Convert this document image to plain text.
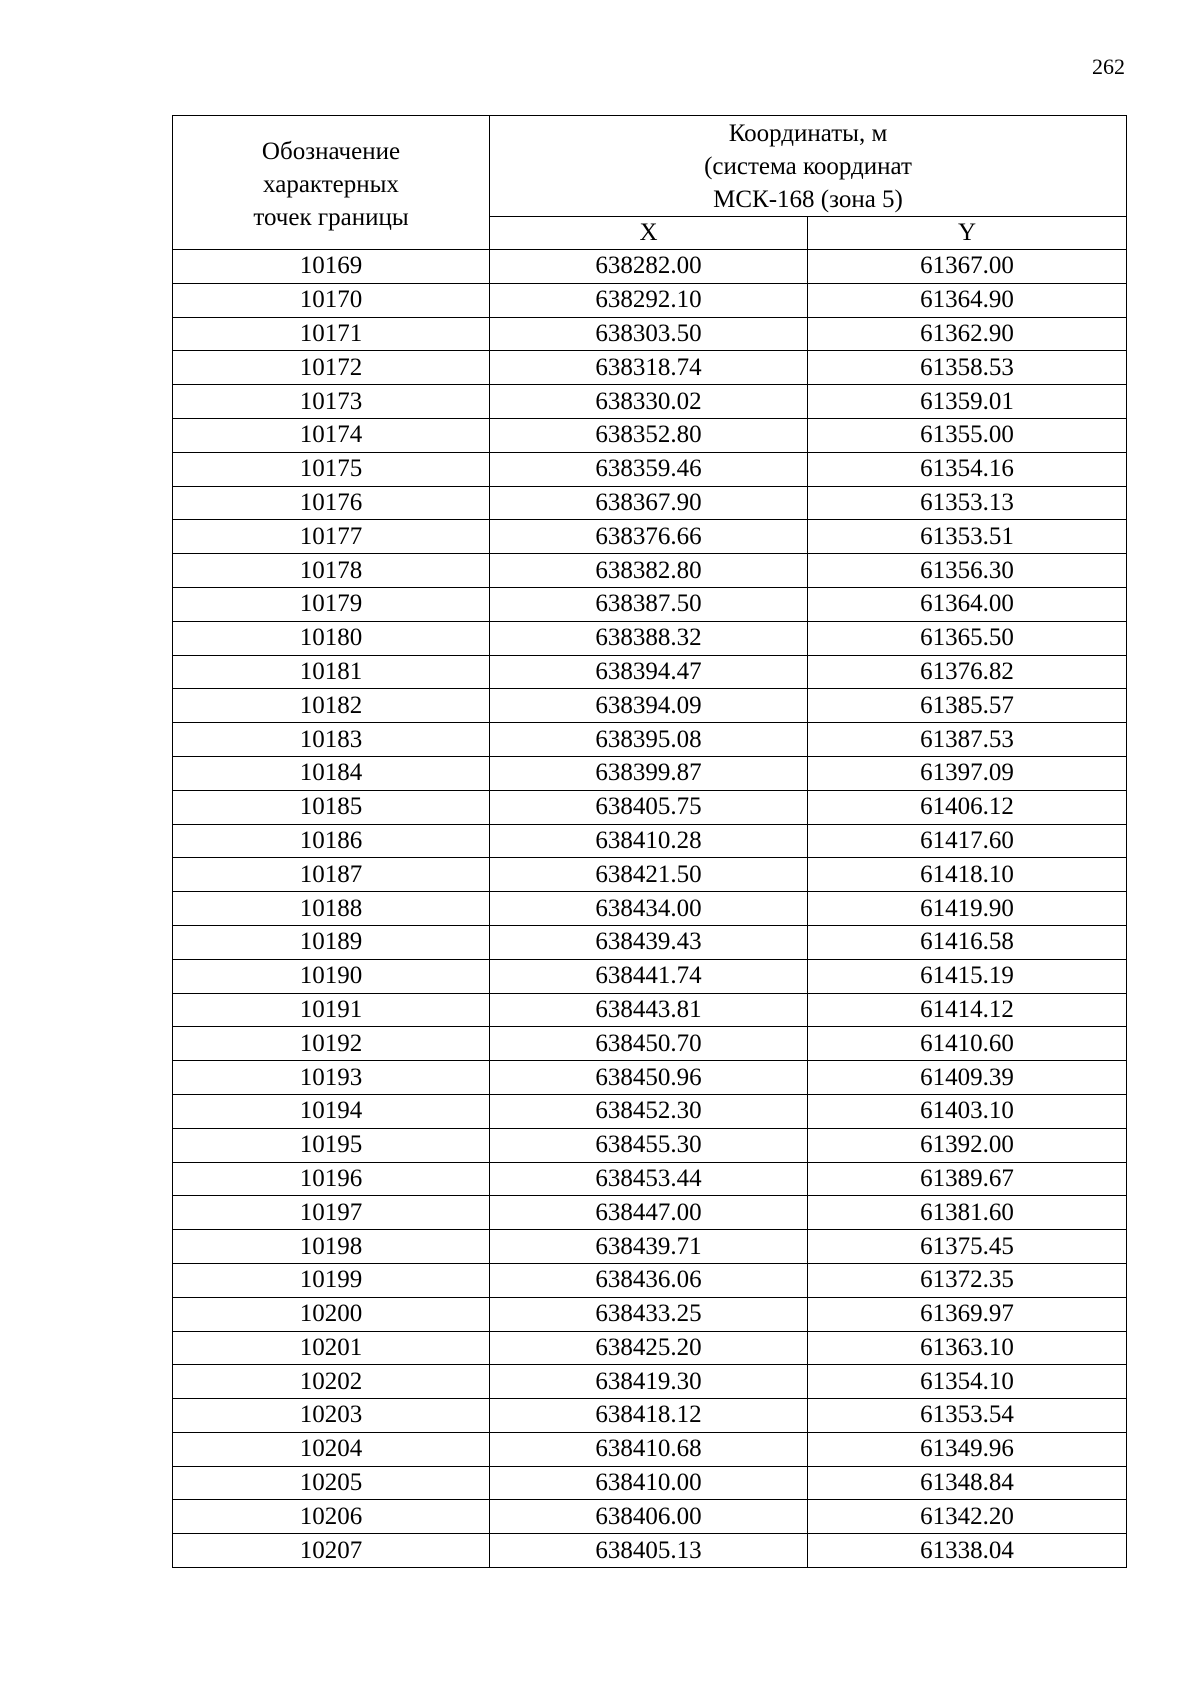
262
Обозначение
характерных
точек границы	Координаты, м
(система координат
МСК-168 (зона 5)	

	X	Y
10169	638282.00	61367.00
10170	638292.10	61364.90
10171	638303.50	61362.90
10172	638318.74	61358.53
10173	638330.02	61359.01
10174	638352.80	61355.00
10175	638359.46	61354.16
10176	638367.90	61353.13
10177	638376.66	61353.51
10178	638382.80	61356.30
10179	638387.50	61364.00
10180	638388.32	61365.50
10181	638394.47	61376.82
10182	638394.09	61385.57
10183	638395.08	61387.53
10184	638399.87	61397.09
10185	638405.75	61406.12
10186	638410.28	61417.60
10187	638421.50	61418.10
10188	638434.00	61419.90
10189	638439.43	61416.58
10190	638441.74	61415.19
10191	638443.81	61414.12
10192	638450.70	61410.60
10193	638450.96	61409.39
10194	638452.30	61403.10
10195	638455.30	61392.00
10196	638453.44	61389.67
10197	638447.00	61381.60
10198	638439.71	61375.45
10199	638436.06	61372.35
10200	638433.25	61369.97
10201	638425.20	61363.10
10202	638419.30	61354.10
10203	638418.12	61353.54
10204	638410.68	61349.96
10205	638410.00	61348.84
10206	638406.00	61342.20
10207	638405.13	61338.04
